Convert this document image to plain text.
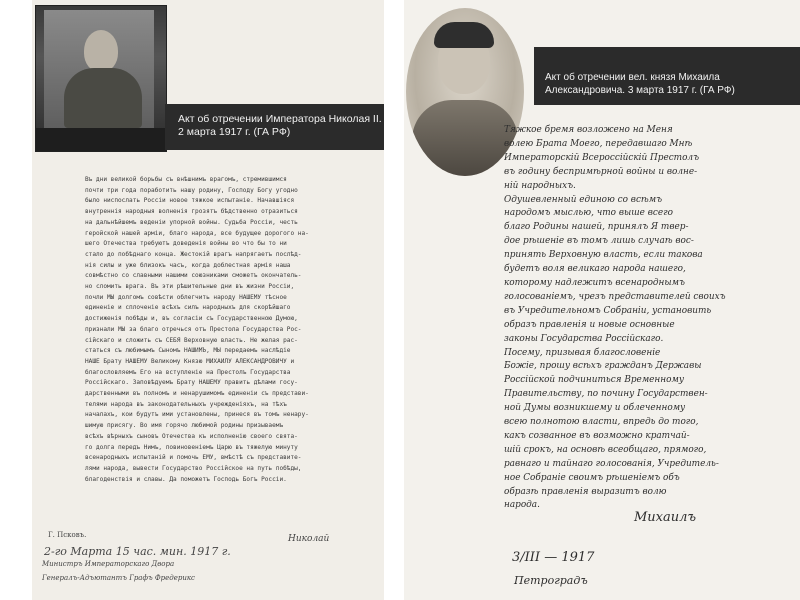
Акт об отречении Императора Николая II.
2 марта 1917 г. (ГА РФ)
Въ дни великой борьбы съ внѣшнимъ врагомъ, стремившимся
почти три года поработить нашу родину, Господу Богу угодно
было ниспослать Россіи новое тяжкое испытаніе. Начавшіяся
внутреннія народныя волненія грозятъ бѣдственно отразиться
на дальнѣйшемъ веденіи упорной войны. Судьба Россіи, честь
геройской нашей арміи, благо народа, все будущее дорогого на-
шего Отечества требуютъ доведенія войны во что бы то ни
стало до побѣднаго конца. Жестокій врагъ напрягаетъ послѣд-
нія силы и уже близокъ часъ, когда доблестная армія наша
совмѣстно со славными нашими союзниками сможетъ окончатель-
но сломить врага. Въ эти рѣшительные дни въ жизни Россіи,
почли МЫ долгомъ совѣсти облегчить народу НАШЕМУ тѣсное
единеніе и сплоченіе всѣхъ силъ народныхъ для скорѣйшаго
достиженія побѣды и, въ согласіи съ Государственною Думою,
признали МЫ за благо отречься отъ Престола Государства Рос-
сійскаго и сложить съ СЕБЯ Верховную власть. Не желая рас-
статься съ любимымъ Сыномъ НАШИМЪ, МЫ передаемъ наслѣдіе
НАШЕ Брату НАШЕМУ Великому Князю МИХАИЛУ АЛЕКСАНДРОВИЧУ и
благословляемъ Его на вступленіе на Престолъ Государства
Россійскаго. Заповѣдуемъ Брату НАШЕМУ править дѣлами госу-
дарственными въ полномъ и ненарушимомъ единеніи съ представи-
телями народа въ законодательныхъ учрежденіяхъ, на тѣхъ
началахъ, кои будутъ ими установлены, принеся въ томъ ненару-
шимую присягу. Во имя горячо любимой родины призываемъ
всѣхъ вѣрныхъ сыновъ Отечества къ исполненію своего свята-
го долга передъ Нимъ, повиновеніемъ Царю въ тяжелую минуту
всенародныхъ испытаній и помочь ЕМУ, вмѣстѣ съ представите-
лями народа, вывести Государство Россійское на путь побѣды,
благоденствія и славы. Да поможетъ Господь Богъ Россіи.
Г. Псковъ.
2-го Марта 15 час. мин. 1917 г.
Министръ Императорскаго Двора
Генералъ-Адъютантъ Графъ Фредерикс
Николай
Акт об отречении вел. князя Михаила
Александровича. 3 марта 1917 г. (ГА РФ)
Тяжкое бремя возложено на Меня
волею Брата Моего, передавшаго Мнѣ
Императорскій Всероссійскій Престолъ
въ годину беспримѣрной войны и волне-
ній народныхъ.
Одушевленный единою со всѣмъ
народомъ мыслью, что выше всего
благо Родины нашей, принялъ Я твер-
дое рѣшеніе въ томъ лишь случаѣ вос-
принять Верховную власть, если такова
будетъ воля великаго народа нашего,
которому надлежитъ всенароднымъ
голосованіемъ, чрезъ представителей своихъ
въ Учредительномъ Собраніи, установить
образъ правленія и новые основные
законы Государства Россійскаго.
Посему, призывая благословеніе
Божіе, прошу всѣхъ гражданъ Державы
Россійской подчиниться Временному
Правительству, по почину Государствен-
ной Думы возникшему и облеченному
всею полнотою власти, впредь до того,
какъ созванное въ возможно кратчай-
шій срокъ, на основѣ всеобщаго, прямого,
равнаго и тайнаго голосованія, Учредитель-
ное Собраніе своимъ рѣшеніемъ объ
образѣ правленія выразитъ волю
народа.
Михаилъ
3/III — 1917
Петроградъ
